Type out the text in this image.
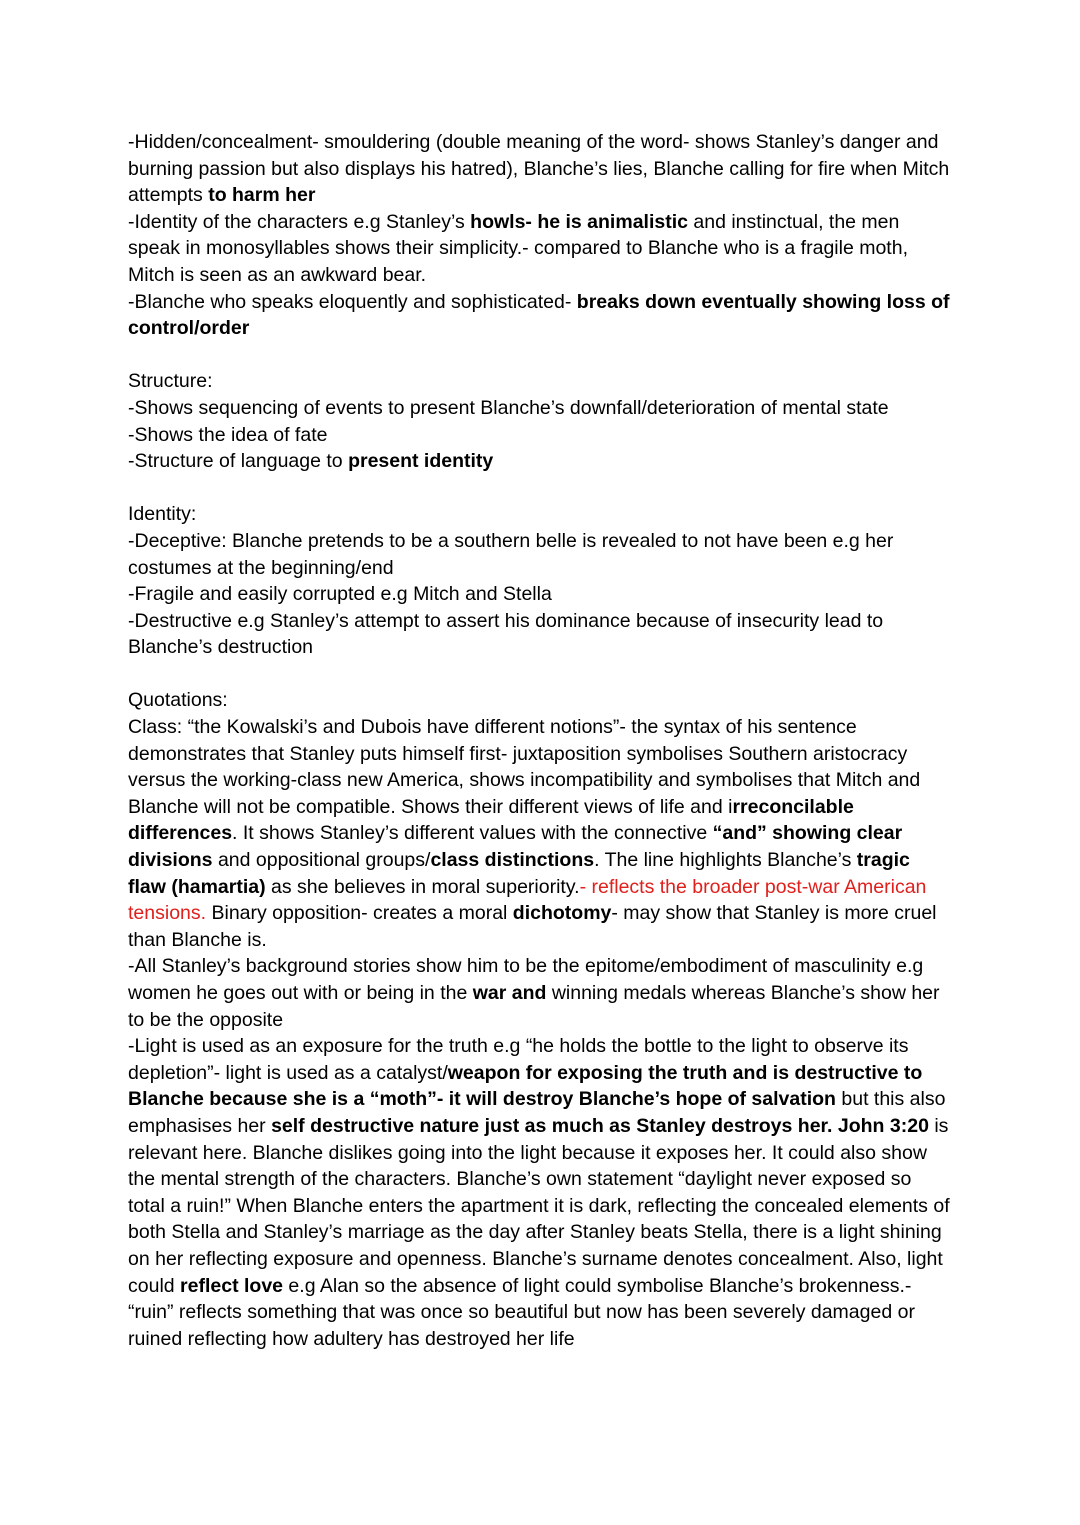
-Hidden/concealment- smouldering (double meaning of the word- shows Stanley’s danger and burning passion but also displays his hatred), Blanche’s lies, Blanche calling for fire when Mitch attempts to harm her

-Identity of the characters e.g Stanley’s howls- he is animalistic and instinctual, the men speak in monosyllables shows their simplicity.- compared to Blanche who is a fragile moth, Mitch is seen as an awkward bear.

-Blanche who speaks eloquently and sophisticated- breaks down eventually showing loss of control/order

Structure:

-Shows sequencing of events to present Blanche’s downfall/deterioration of mental state

-Shows the idea of fate

-Structure of language to present identity

Identity:

-Deceptive: Blanche pretends to be a southern belle is revealed to not have been e.g her costumes at the beginning/end

-Fragile and easily corrupted e.g Mitch and Stella

-Destructive e.g Stanley’s attempt to assert his dominance because of insecurity lead to Blanche’s destruction

Quotations:

Class: “the Kowalski’s and Dubois have different notions”- the syntax of his sentence demonstrates that Stanley puts himself first- juxtaposition symbolises Southern aristocracy versus the working-class new America, shows incompatibility and symbolises that Mitch and Blanche will not be compatible. Shows their different views of life and irreconcilable differences. It shows Stanley’s different values with the connective “and” showing clear divisions and oppositional groups/class distinctions. The line highlights Blanche’s tragic flaw (hamartia) as she believes in moral superiority.- reflects the broader post-war American tensions. Binary opposition- creates a moral dichotomy- may show that Stanley is more cruel than Blanche is.

-All Stanley’s background stories show him to be the epitome/embodiment of masculinity e.g women he goes out with or being in the war and winning medals whereas Blanche’s show her to be the opposite

-Light is used as an exposure for the truth e.g “he holds the bottle to the light to observe its depletion”- light is used as a catalyst/weapon for exposing the truth and is destructive to Blanche because she is a “moth”- it will destroy Blanche’s hope of salvation but this also emphasises her self destructive nature just as much as Stanley destroys her. John 3:20 is relevant here. Blanche dislikes going into the light because it exposes her. It could also show the mental strength of the characters. Blanche’s own statement “daylight never exposed so total a ruin!” When Blanche enters the apartment it is dark, reflecting the concealed elements of both Stella and Stanley’s marriage as the day after Stanley beats Stella, there is a light shining on her reflecting exposure and openness. Blanche’s surname denotes concealment. Also, light could reflect love e.g Alan so the absence of light could symbolise Blanche’s brokenness.-

“ruin” reflects something that was once so beautiful but now has been severely damaged or ruined reflecting how adultery has destroyed her life
